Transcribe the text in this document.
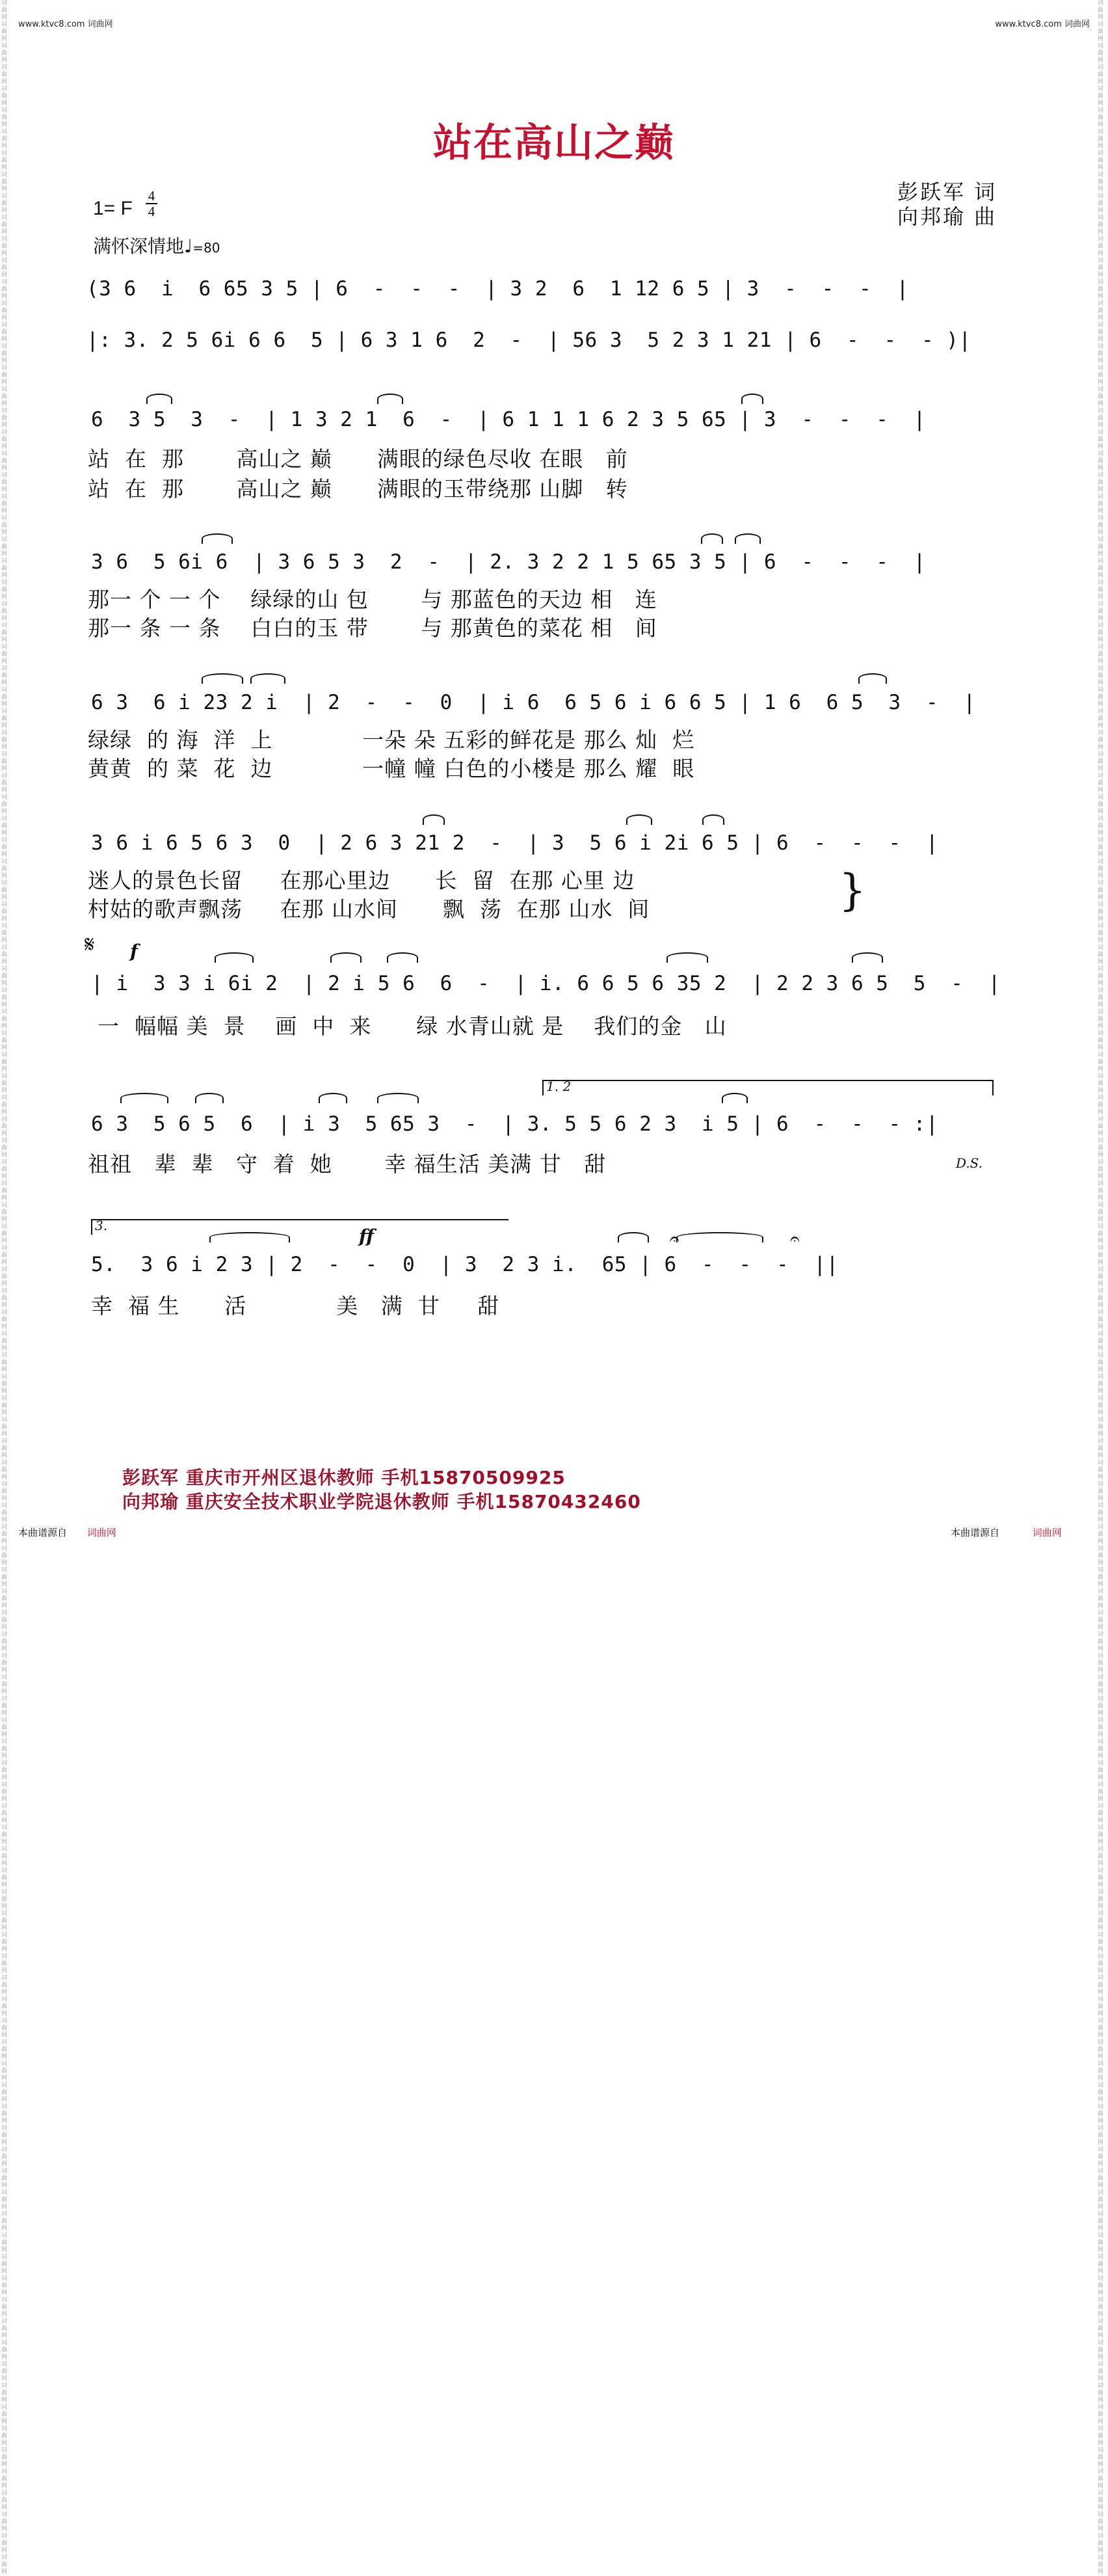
词曲网 词曲网 词曲网 词曲网 词曲网 词曲网 词曲网 词曲网 词曲网 词曲网 词曲网 词曲网 词曲网 词曲网 词曲网 词曲网 词曲网 词曲网 词曲网 词曲网 词曲网 词曲网 词曲网 词曲网 词曲网 词曲网 词曲网 词曲网 词曲网 词曲网 词曲网 词曲网 词曲网 词曲网 词曲网 词曲网 词曲网 词曲网 词曲网 词曲网 词曲网 词曲网 词曲网 词曲网 词曲网 词曲网 词曲网 词曲网 词曲网 词曲网 词曲网 词曲网 词曲网 词曲网 词曲网 词曲网 词曲网 词曲网 词曲网 词曲网 词曲网 词曲网 词曲网 词曲网 词曲网 词曲网 词曲网 词曲网 词曲网 词曲网 词曲网 词曲网 词曲网 词曲网 词曲网 词曲网 词曲网 词曲网 词曲网 词曲网 词曲网 词曲网 词曲网 词曲网 词曲网 词曲网 词曲网 词曲网 词曲网 词曲网 词曲网 词曲网 词曲网 词曲网 词曲网 词曲网 词曲网 词曲网 词曲网 词曲网 词曲网 词曲网 词曲网 词曲网 词曲网 词曲网 词曲网 词曲网 词曲网 词曲网 词曲网 词曲网 词曲网 词曲网 词曲网 词曲网 词曲网 词曲网 词曲网 词曲网
词曲网 词曲网 词曲网 词曲网 词曲网 词曲网 词曲网 词曲网 词曲网 词曲网 词曲网 词曲网 词曲网 词曲网 词曲网 词曲网 词曲网 词曲网 词曲网 词曲网 词曲网 词曲网 词曲网 词曲网 词曲网 词曲网 词曲网 词曲网 词曲网 词曲网 词曲网 词曲网 词曲网 词曲网 词曲网 词曲网 词曲网 词曲网 词曲网 词曲网 词曲网 词曲网 词曲网 词曲网 词曲网 词曲网 词曲网 词曲网 词曲网 词曲网 词曲网 词曲网 词曲网 词曲网 词曲网 词曲网 词曲网 词曲网 词曲网 词曲网 词曲网 词曲网 词曲网 词曲网 词曲网 词曲网 词曲网 词曲网 词曲网 词曲网 词曲网 词曲网 词曲网 词曲网 词曲网 词曲网 词曲网 词曲网 词曲网 词曲网 词曲网 词曲网 词曲网 词曲网 词曲网 词曲网 词曲网 词曲网 词曲网 词曲网 词曲网 词曲网 词曲网 词曲网 词曲网 词曲网 词曲网 词曲网 词曲网 词曲网 词曲网 词曲网 词曲网 词曲网 词曲网 词曲网 词曲网 词曲网 词曲网 词曲网 词曲网 词曲网 词曲网 词曲网 词曲网 词曲网 词曲网 词曲网 词曲网 词曲网
www.ktvc8.com 词曲网	www.ktvc8.com 词曲网
站在高山之巅
彭跃军 词
向邦瑜 曲
1= F
4
4
满怀深情地♩=80
(3 6  i  6 65 3 5 | 6  -  -  -  | 3 2  6  1 12 6 5 | 3  -  -  -  |
|: 3. 2 5 6i 6 6  5 | 6 3 1 6  2  -  | 56 3  5 2 3 1 21 | 6  -  -  - )|
6  3 5  3  -  | 1 3 2 1  6  -  | 6 1 1 1 6 2 3 5 65 | 3  -  -  -  |
站  在  那       高山之 巅      满眼的绿色尽收 在眼   前
站  在  那       高山之 巅      满眼的玉带绕那 山脚   转
3 6  5 6i 6  | 3 6 5 3  2  -  | 2. 3 2 2 1 5 65 3 5 | 6  -  -  -  |
那一 个 一 个    绿绿的山 包       与 那蓝色的天边 相   连
那一 条 一 条    白白的玉 带       与 那黄色的菜花 相   间
6 3  6 i 23 2 i  | 2  -  -  0  | i 6  6 5 6 i 6 6 5 | 1 6  6 5  3  -  |
绿绿  的 海  洋  上            一朵 朵 五彩的鲜花是 那么 灿  烂
黄黄  的 菜  花  边            一幢 幢 白色的小楼是 那么 耀  眼
3 6 i 6 5 6 3  0  | 2 6 3 21 2  -  | 3  5 6 i 2i 6 5 | 6  -  -  -  |
迷人的景色长留     在那心里边      长  留  在那 心里 边
村姑的歌声飘荡     在那 山水间      飘  荡  在那 山水  间	}
𝄋 f
| i  3 3 i 6i 2  | 2 i 5 6  6  -  | i. 6 6 5 6 35 2  | 2 2 3 6 5  5  -  |
一  幅幅 美  景    画  中  来      绿 水青山就 是    我们的金   山
1. 2
6 3  5 6 5  6  | i 3  5 65 3  -  | 3. 5 5 6 2 3  i 5 | 6  -  -  - :|
祖祖   辈  辈   守  着  她       幸 福生活 美满 甘   甜	D.S.
3.	ff
5.  3 6 i 2 3 | 2  -  -  0  | 3  2 3 i.  65 | 6  -  -  -  ||
𝄐	𝄐
幸  福 生      活            美   满  甘     甜
彭跃军 重庆市开州区退休教师 手机15870509925
向邦瑜 重庆安全技术职业学院退休教师 手机15870432460
本曲谱源自 词曲网	本曲谱源自	词曲网
